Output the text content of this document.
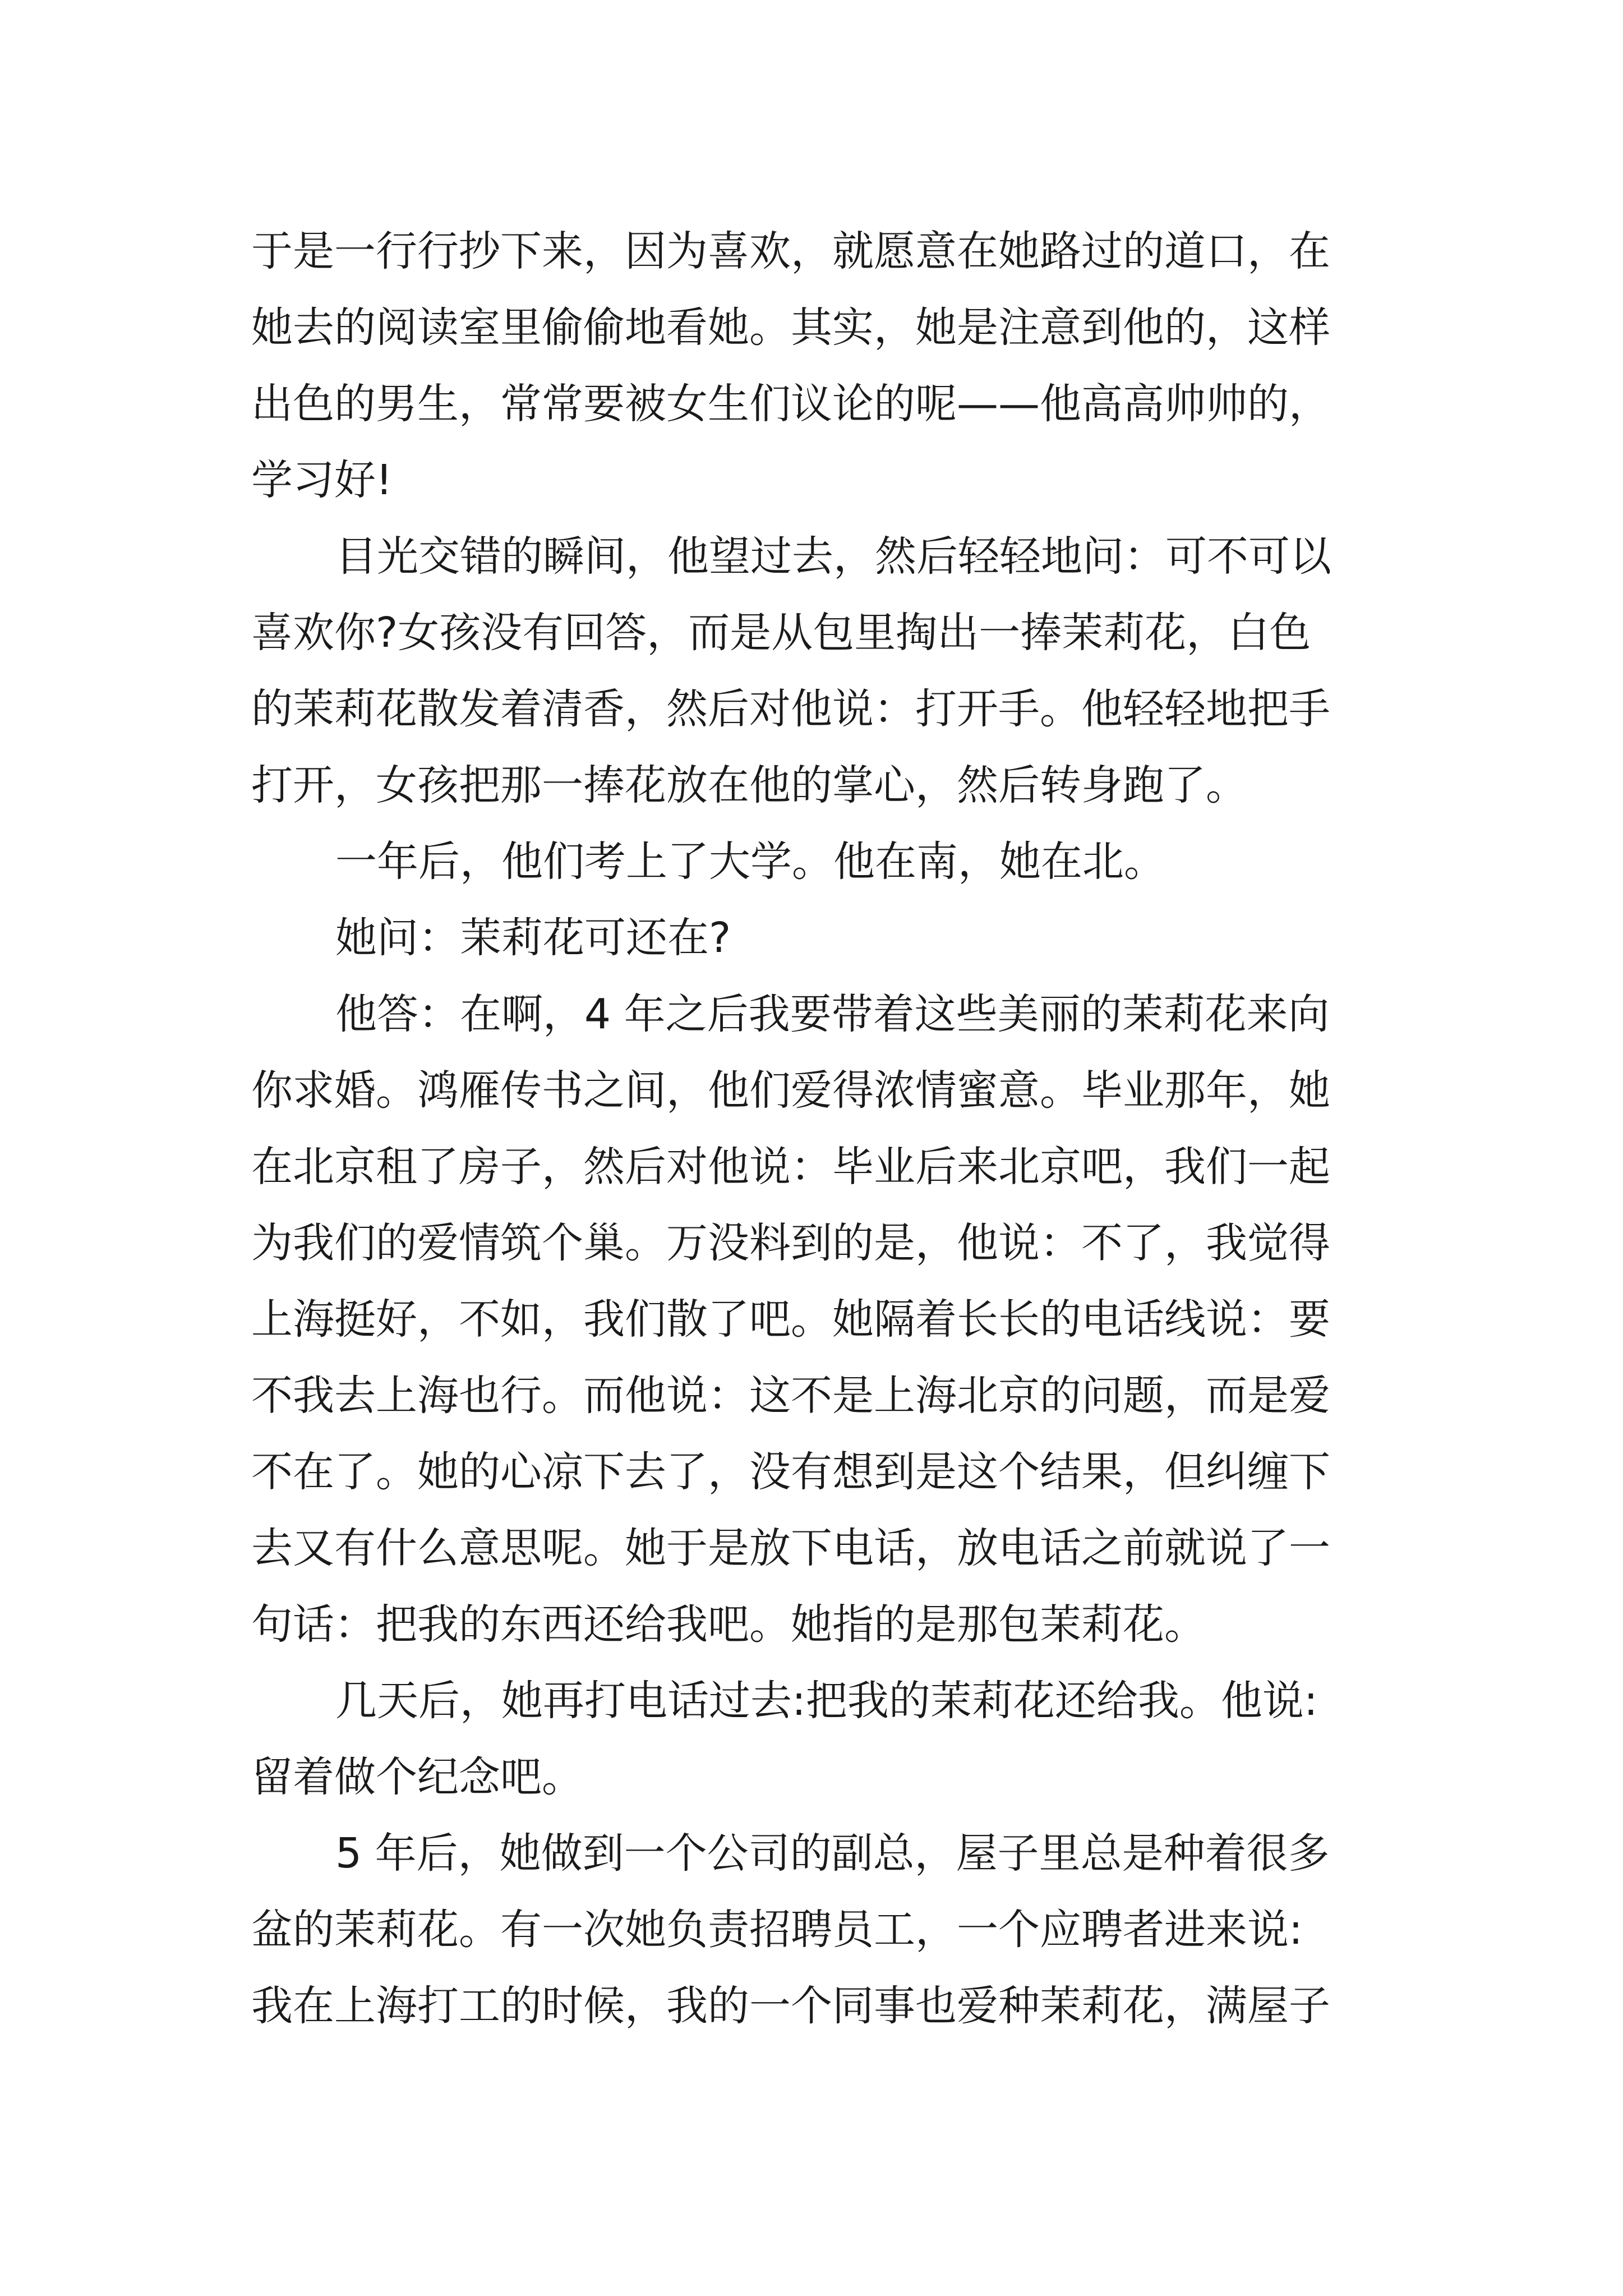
于是一行行抄下来，因为喜欢，就愿意在她路过的道口，在
她去的阅读室里偷偷地看她。其实，她是注意到他的，这样
出色的男生，常常要被女生们议论的呢——他高高帅帅的，
学习好!
目光交错的瞬间，他望过去，然后轻轻地问：可不可以
喜欢你?女孩没有回答，而是从包里掏出一捧茉莉花，白色
的茉莉花散发着清香，然后对他说：打开手。他轻轻地把手
打开，女孩把那一捧花放在他的掌心，然后转身跑了。
一年后，他们考上了大学。他在南，她在北。
她问：茉莉花可还在?
他答：在啊，4 年之后我要带着这些美丽的茉莉花来向
你求婚。鸿雁传书之间，他们爱得浓情蜜意。毕业那年，她
在北京租了房子，然后对他说：毕业后来北京吧，我们一起
为我们的爱情筑个巢。万没料到的是，他说：不了，我觉得
上海挺好，不如，我们散了吧。她隔着长长的电话线说：要
不我去上海也行。而他说：这不是上海北京的问题，而是爱
不在了。她的心凉下去了，没有想到是这个结果，但纠缠下
去又有什么意思呢。她于是放下电话，放电话之前就说了一
句话：把我的东西还给我吧。她指的是那包茉莉花。
几天后，她再打电话过去:把我的茉莉花还给我。他说:
留着做个纪念吧。
5 年后，她做到一个公司的副总，屋子里总是种着很多
盆的茉莉花。有一次她负责招聘员工，一个应聘者进来说:
我在上海打工的时候，我的一个同事也爱种茉莉花，满屋子
